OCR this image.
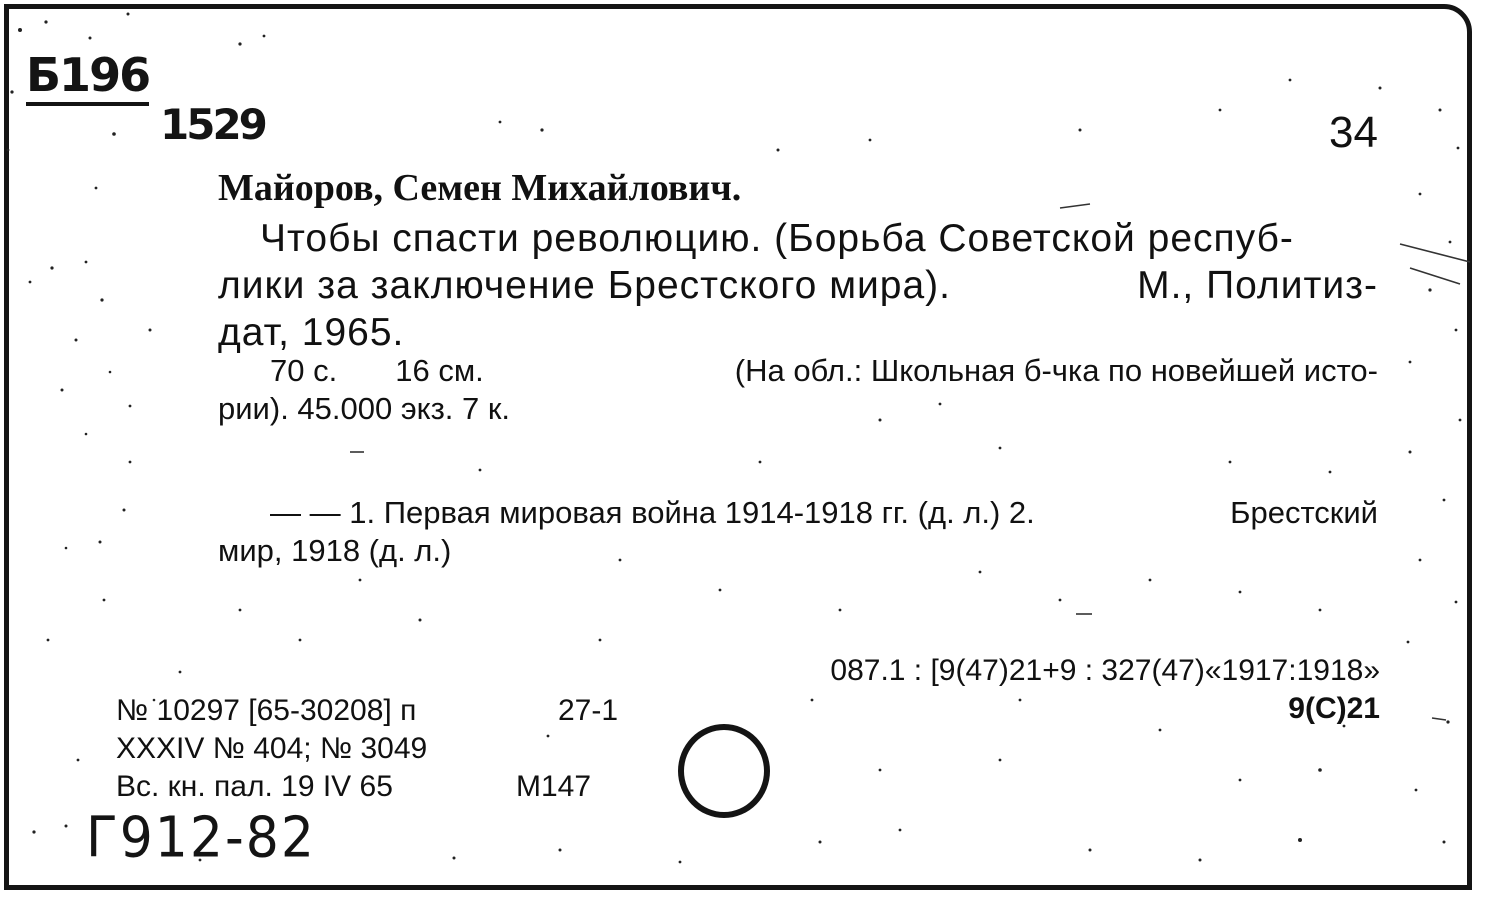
Б196
1529	34
Майоров, Семен Михайлович.
Чтобы спасти революцию. (Борьба Советской респуб-
лики за заключение Брестского мира).	М., Политиз-
дат, 1965.
70 с. 16 см.	(На обл.: Школьная б-чка по новейшей исто-
рии). 45.000 экз. 7 к.
— — 1. Первая мировая война 1914-1918 гг. (д. л.) 2.	Брестский
мир, 1918 (д. л.)
087.1 : [9(47)21+9 : 327(47)«1917:1918»
9(С)21
№ 10297 [65-30208] п	27-1
XXXIV № 404; № 3049
Вс. кн. пал. 19 IV 65	М147
Г912-82
